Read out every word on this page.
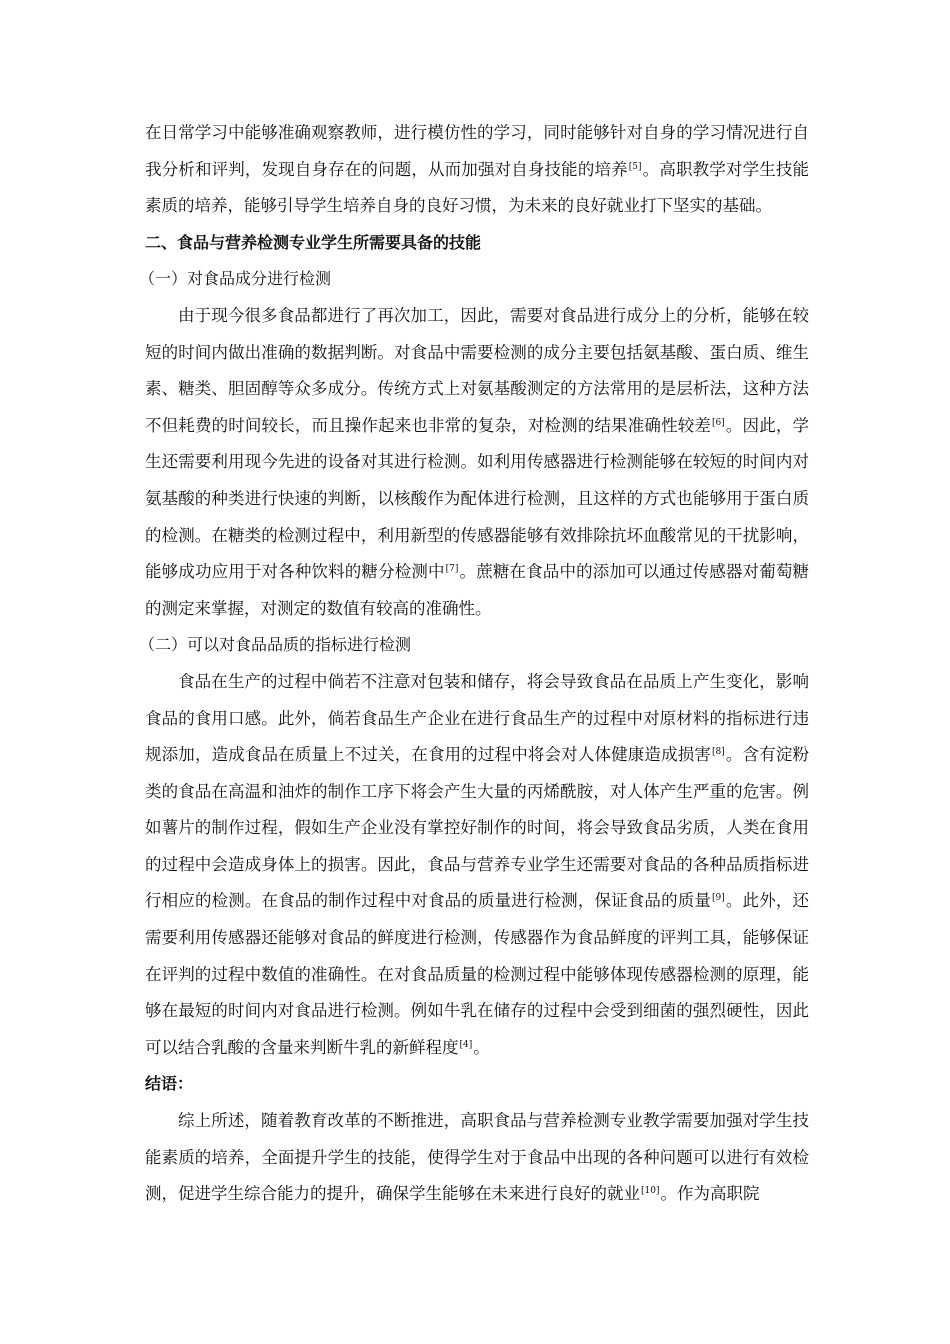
在日常学习中能够准确观察教师，进行模仿性的学习，同时能够针对自身的学习情况进行自我分析和评判，发现自身存在的问题，从而加强对自身技能的培养[5]。高职教学对学生技能素质的培养，能够引导学生培养自身的良好习惯，为未来的良好就业打下坚实的基础。

二、食品与营养检测专业学生所需要具备的技能

（一）对食品成分进行检测

由于现今很多食品都进行了再次加工，因此，需要对食品进行成分上的分析，能够在较短的时间内做出准确的数据判断。对食品中需要检测的成分主要包括氨基酸、蛋白质、维生素、糖类、胆固醇等众多成分。传统方式上对氨基酸测定的方法常用的是层析法，这种方法不但耗费的时间较长，而且操作起来也非常的复杂，对检测的结果准确性较差[6]。因此，学生还需要利用现今先进的设备对其进行检测。如利用传感器进行检测能够在较短的时间内对氨基酸的种类进行快速的判断，以核酸作为配体进行检测，且这样的方式也能够用于蛋白质的检测。在糖类的检测过程中，利用新型的传感器能够有效排除抗坏血酸常见的干扰影响，能够成功应用于对各种饮料的糖分检测中[7]。蔗糖在食品中的添加可以通过传感器对葡萄糖的测定来掌握，对测定的数值有较高的准确性。

（二）可以对食品品质的指标进行检测

食品在生产的过程中倘若不注意对包装和储存，将会导致食品在品质上产生变化，影响食品的食用口感。此外，倘若食品生产企业在进行食品生产的过程中对原材料的指标进行违规添加，造成食品在质量上不过关，在食用的过程中将会对人体健康造成损害[8]。含有淀粉类的食品在高温和油炸的制作工序下将会产生大量的丙烯酰胺，对人体产生严重的危害。例如薯片的制作过程，假如生产企业没有掌控好制作的时间，将会导致食品劣质，人类在食用的过程中会造成身体上的损害。因此，食品与营养专业学生还需要对食品的各种品质指标进行相应的检测。在食品的制作过程中对食品的质量进行检测，保证食品的质量[9]。此外，还需要利用传感器还能够对食品的鲜度进行检测，传感器作为食品鲜度的评判工具，能够保证在评判的过程中数值的准确性。在对食品质量的检测过程中能够体现传感器检测的原理，能够在最短的时间内对食品进行检测。例如牛乳在储存的过程中会受到细菌的强烈硬性，因此可以结合乳酸的含量来判断牛乳的新鲜程度[4]。

结语：

综上所述，随着教育改革的不断推进，高职食品与营养检测专业教学需要加强对学生技能素质的培养，全面提升学生的技能，使得学生对于食品中出现的各种问题可以进行有效检测，促进学生综合能力的提升，确保学生能够在未来进行良好的就业[10]。作为高职院
